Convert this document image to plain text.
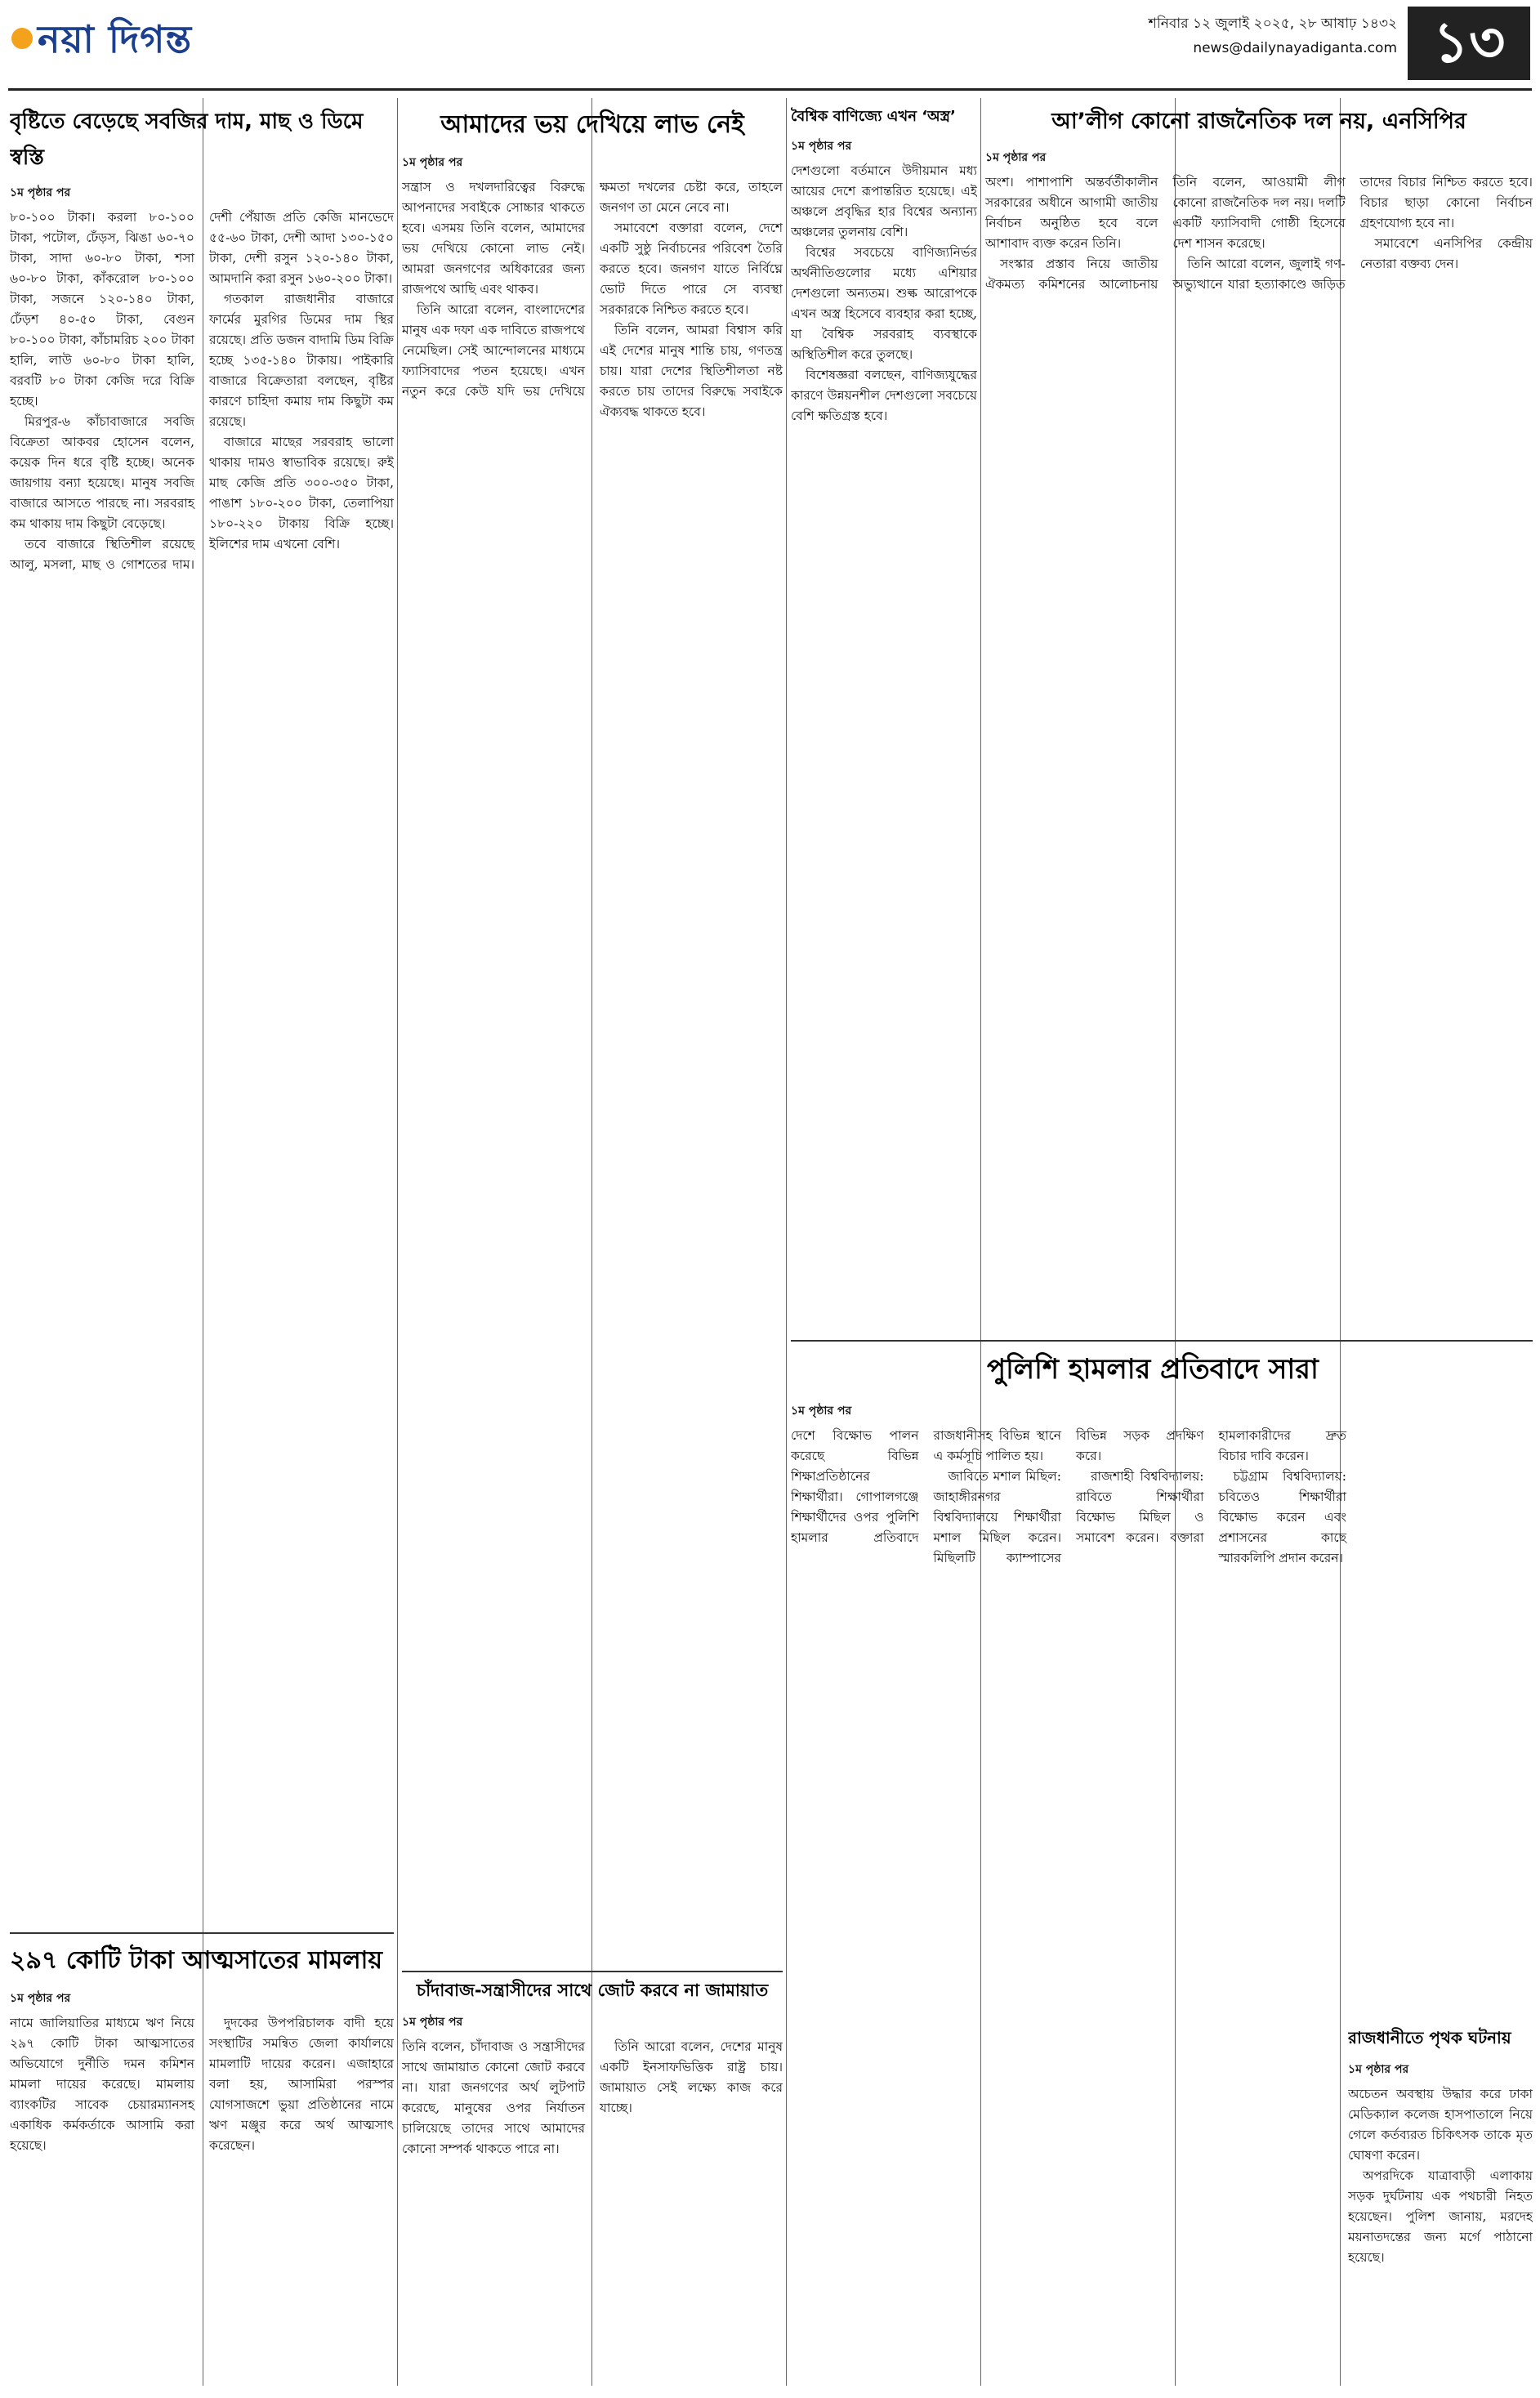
নয়া দিগন্ত	শনিবার ১২ জুলাই ২০২৫, ২৮ আষাঢ় ১৪৩২
news@dailynayadiganta.com ১৩
বৃষ্টিতে বেড়েছে সবজির দাম, মাছ ও ডিমে স্বস্তি
১ম পৃষ্ঠার পর

৮০-১০০ টাকা। করলা ৮০-১০০ টাকা, পটোল, ঢেঁড়স, ঝিঙা ৬০-৭০ টাকা, সাদা ৬০-৮০ টাকা, শসা ৬০-৮০ টাকা, কাঁকরোল ৮০-১০০ টাকা, সজনে ১২০-১৪০ টাকা, ঢেঁড়শ ৪০-৫০ টাকা, বেগুন ৮০-১০০ টাকা, কাঁচামরিচ ২০০ টাকা হালি, লাউ ৬০-৮০ টাকা হালি, বরবটি ৮০ টাকা কেজি দরে বিক্রি হচ্ছে।

মিরপুর-৬ কাঁচাবাজারে সবজি বিক্রেতা আকবর হোসেন বলেন, কয়েক দিন ধরে বৃষ্টি হচ্ছে। অনেক জায়গায় বন্যা হয়েছে। মানুষ সবজি বাজারে আসতে পারছে না। সরবরাহ কম থাকায় দাম কিছুটা বেড়েছে।

তবে বাজারে স্থিতিশীল রয়েছে আলু, মসলা, মাছ ও গোশতের দাম। দেশী পেঁয়াজ প্রতি কেজি মানভেদে ৫৫-৬০ টাকা, দেশী আদা ১৩০-১৫০ টাকা, দেশী রসুন ১২০-১৪০ টাকা, আমদানি করা রসুন ১৬০-২০০ টাকা।

গতকাল রাজধানীর বাজারে ফার্মের মুরগির ডিমের দাম স্থির রয়েছে। প্রতি ডজন বাদামি ডিম বিক্রি হচ্ছে ১৩৫-১৪০ টাকায়। পাইকারি বাজারে বিক্রেতারা বলছেন, বৃষ্টির কারণে চাহিদা কমায় দাম কিছুটা কম রয়েছে।

বাজারে মাছের সরবরাহ ভালো থাকায় দামও স্বাভাবিক রয়েছে। রুই মাছ কেজি প্রতি ৩০০-৩৫০ টাকা, পাঙাশ ১৮০-২০০ টাকা, তেলাপিয়া ১৮০-২২০ টাকায় বিক্রি হচ্ছে। ইলিশের দাম এখনো বেশি।

২৯৭ কোটি টাকা আত্মসাতের মামলায়
১ম পৃষ্ঠার পর

নামে জালিয়াতির মাধ্যমে ঋণ নিয়ে ২৯৭ কোটি টাকা আত্মসাতের অভিযোগে দুর্নীতি দমন কমিশন মামলা দায়ের করেছে। মামলায় ব্যাংকটির সাবেক চেয়ারম্যানসহ একাধিক কর্মকর্তাকে আসামি করা হয়েছে।

দুদকের উপপরিচালক বাদী হয়ে সংস্থাটির সমন্বিত জেলা কার্যালয়ে মামলাটি দায়ের করেন। এজাহারে বলা হয়, আসামিরা পরস্পর যোগসাজশে ভুয়া প্রতিষ্ঠানের নামে ঋণ মঞ্জুর করে অর্থ আত্মসাৎ করেছেন।

আমাদের ভয় দেখিয়ে লাভ নেই
১ম পৃষ্ঠার পর

সন্ত্রাস ও দখলদারিত্বের বিরুদ্ধে আপনাদের সবাইকে সোচ্চার থাকতে হবে। এসময় তিনি বলেন, আমাদের ভয় দেখিয়ে কোনো লাভ নেই। আমরা জনগণের অধিকারের জন্য রাজপথে আছি এবং থাকব।

তিনি আরো বলেন, বাংলাদেশের মানুষ এক দফা এক দাবিতে রাজপথে নেমেছিল। সেই আন্দোলনের মাধ্যমে ফ্যাসিবাদের পতন হয়েছে। এখন নতুন করে কেউ যদি ভয় দেখিয়ে ক্ষমতা দখলের চেষ্টা করে, তাহলে জনগণ তা মেনে নেবে না।

সমাবেশে বক্তারা বলেন, দেশে একটি সুষ্ঠু নির্বাচনের পরিবেশ তৈরি করতে হবে। জনগণ যাতে নির্বিঘ্নে ভোট দিতে পারে সে ব্যবস্থা সরকারকে নিশ্চিত করতে হবে।

তিনি বলেন, আমরা বিশ্বাস করি এই দেশের মানুষ শান্তি চায়, গণতন্ত্র চায়। যারা দেশের স্থিতিশীলতা নষ্ট করতে চায় তাদের বিরুদ্ধে সবাইকে ঐক্যবদ্ধ থাকতে হবে।

চাঁদাবাজ-সন্ত্রাসীদের সাথে জোট করবে না জামায়াত
১ম পৃষ্ঠার পর

তিনি বলেন, চাঁদাবাজ ও সন্ত্রাসীদের সাথে জামায়াত কোনো জোট করবে না। যারা জনগণের অর্থ লুটপাট করেছে, মানুষের ওপর নির্যাতন চালিয়েছে তাদের সাথে আমাদের কোনো সম্পর্ক থাকতে পারে না।

তিনি আরো বলেন, দেশের মানুষ একটি ইনসাফভিত্তিক রাষ্ট্র চায়। জামায়াত সেই লক্ষ্যে কাজ করে যাচ্ছে।

বৈশ্বিক বাণিজ্যে এখন ‘অস্ত্র’
১ম পৃষ্ঠার পর

দেশগুলো বর্তমানে উদীয়মান মধ্য আয়ের দেশে রূপান্তরিত হয়েছে। এই অঞ্চলে প্রবৃদ্ধির হার বিশ্বের অন্যান্য অঞ্চলের তুলনায় বেশি।

বিশ্বের সবচেয়ে বাণিজ্যনির্ভর অর্থনীতিগুলোর মধ্যে এশিয়ার দেশগুলো অন্যতম। শুল্ক আরোপকে এখন অস্ত্র হিসেবে ব্যবহার করা হচ্ছে, যা বৈশ্বিক সরবরাহ ব্যবস্থাকে অস্থিতিশীল করে তুলছে।

বিশেষজ্ঞরা বলছেন, বাণিজ্যযুদ্ধের কারণে উন্নয়নশীল দেশগুলো সবচেয়ে বেশি ক্ষতিগ্রস্ত হবে।

আ’লীগ কোনো রাজনৈতিক দল নয়, এনসিপির
১ম পৃষ্ঠার পর

অংশ। পাশাপাশি অন্তর্বর্তীকালীন সরকারের অধীনে আগামী জাতীয় নির্বাচন অনুষ্ঠিত হবে বলে আশাবাদ ব্যক্ত করেন তিনি।

সংস্কার প্রস্তাব নিয়ে জাতীয় ঐকমত্য কমিশনের আলোচনায় তিনি বলেন, আওয়ামী লীগ কোনো রাজনৈতিক দল নয়। দলটি একটি ফ্যাসিবাদী গোষ্ঠী হিসেবে দেশ শাসন করেছে।

তিনি আরো বলেন, জুলাই গণ-অভ্যুত্থানে যারা হত্যাকাণ্ডে জড়িত তাদের বিচার নিশ্চিত করতে হবে। বিচার ছাড়া কোনো নির্বাচন গ্রহণযোগ্য হবে না।

সমাবেশে এনসিপির কেন্দ্রীয় নেতারা বক্তব্য দেন।

পুলিশি হামলার প্রতিবাদে সারা
১ম পৃষ্ঠার পর

দেশে বিক্ষোভ পালন করেছে বিভিন্ন শিক্ষাপ্রতিষ্ঠানের শিক্ষার্থীরা। গোপালগঞ্জে শিক্ষার্থীদের ওপর পুলিশি হামলার প্রতিবাদে রাজধানীসহ বিভিন্ন স্থানে এ কর্মসূচি পালিত হয়।

জাবিতে মশাল মিছিল: জাহাঙ্গীরনগর বিশ্ববিদ্যালয়ে শিক্ষার্থীরা মশাল মিছিল করেন। মিছিলটি ক্যাম্পাসের বিভিন্ন সড়ক প্রদক্ষিণ করে।

রাজশাহী বিশ্ববিদ্যালয়: রাবিতে শিক্ষার্থীরা বিক্ষোভ মিছিল ও সমাবেশ করেন। বক্তারা হামলাকারীদের দ্রুত বিচার দাবি করেন।

চট্টগ্রাম বিশ্ববিদ্যালয়: চবিতেও শিক্ষার্থীরা বিক্ষোভ করেন এবং প্রশাসনের কাছে স্মারকলিপি প্রদান করেন।

রাজধানীতে পৃথক ঘটনায়
১ম পৃষ্ঠার পর

অচেতন অবস্থায় উদ্ধার করে ঢাকা মেডিক্যাল কলেজ হাসপাতালে নিয়ে গেলে কর্তব্যরত চিকিৎসক তাকে মৃত ঘোষণা করেন।

অপরদিকে যাত্রাবাড়ী এলাকায় সড়ক দুর্ঘটনায় এক পথচারী নিহত হয়েছেন। পুলিশ জানায়, মরদেহ ময়নাতদন্তের জন্য মর্গে পাঠানো হয়েছে।
